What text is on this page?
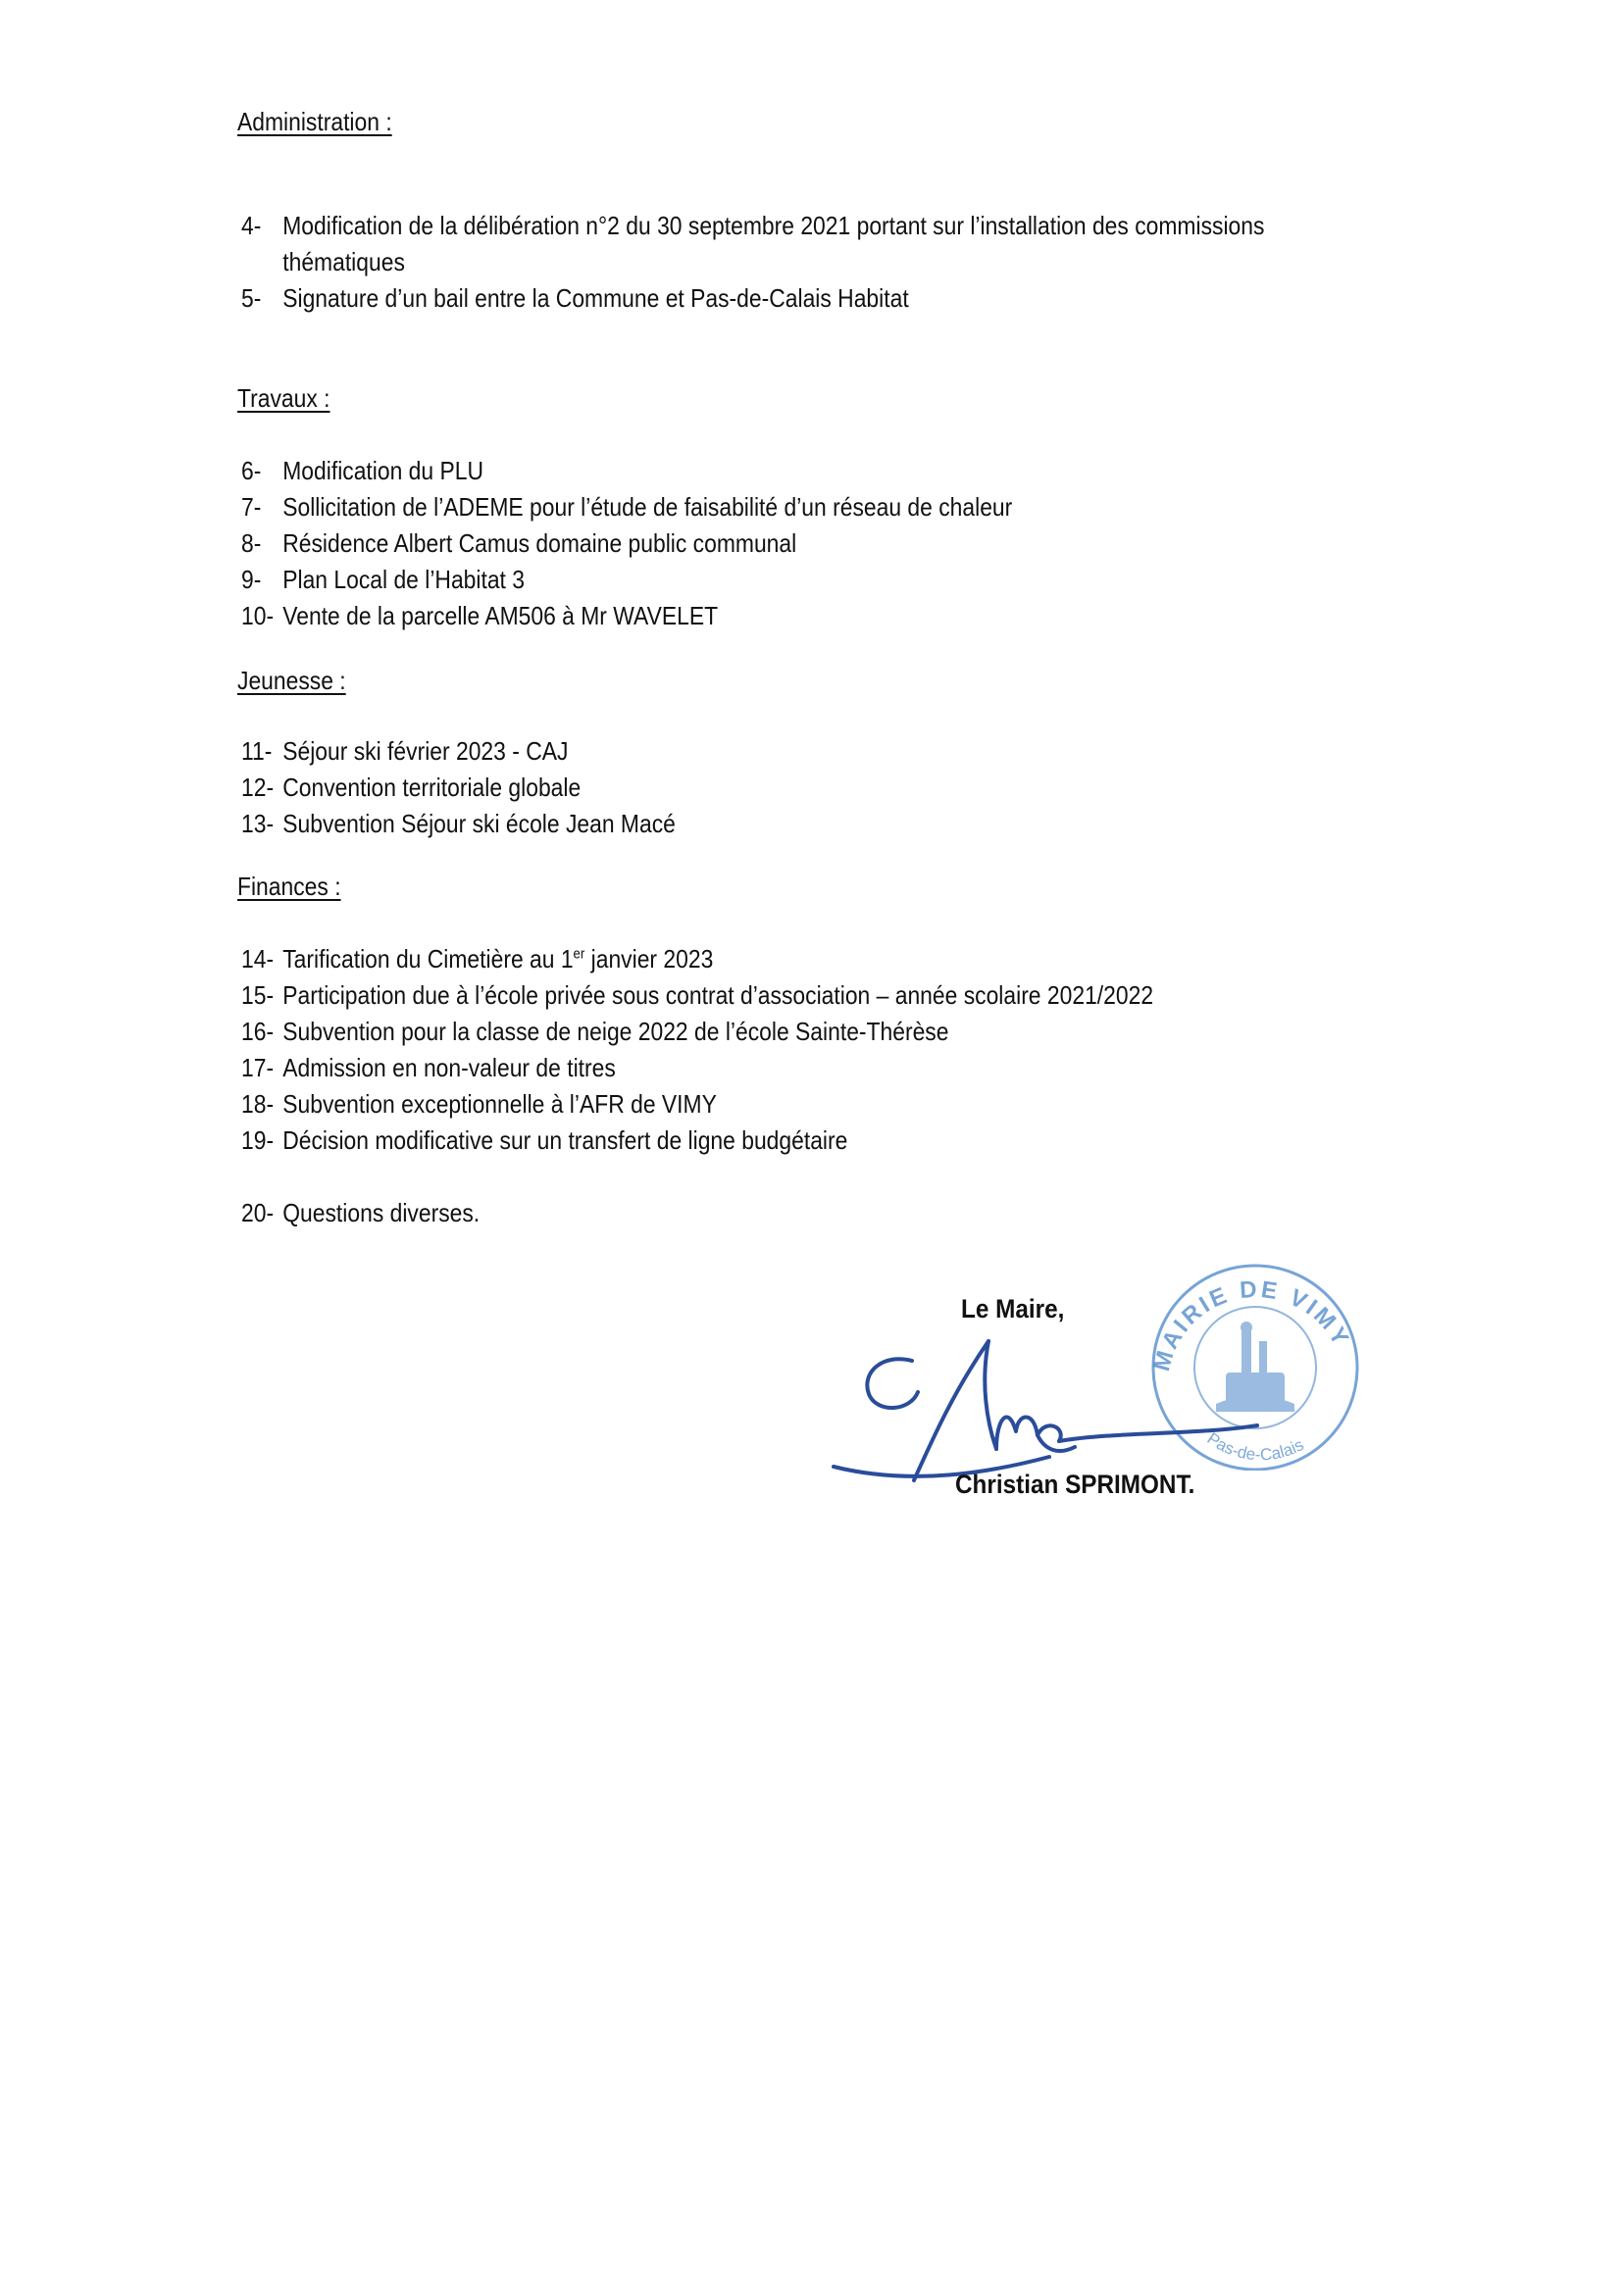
Administration :
4- Modification de la délibération n°2 du 30 septembre 2021 portant sur l’installation des commissions
thématiques
5- Signature d’un bail entre la Commune et Pas-de-Calais Habitat
Travaux :
6- Modification du PLU
7- Sollicitation de l’ADEME pour l’étude de faisabilité d’un réseau de chaleur
8- Résidence Albert Camus domaine public communal
9- Plan Local de l’Habitat 3
10- Vente de la parcelle AM506 à Mr WAVELET
Jeunesse :
11- Séjour ski février 2023 - CAJ
12- Convention territoriale globale
13- Subvention Séjour ski école Jean Macé
Finances :
14- Tarification du Cimetière au 1er janvier 2023
15- Participation due à l’école privée sous contrat d’association – année scolaire 2021/2022
16- Subvention pour la classe de neige 2022 de l’école Sainte-Thérèse
17- Admission en non-valeur de titres
18- Subvention exceptionnelle à l’AFR de VIMY
19- Décision modificative sur un transfert de ligne budgétaire
20- Questions diverses.
MAIRIE DE VIMY
Pas-de-Calais
Le Maire,
Christian SPRIMONT.
